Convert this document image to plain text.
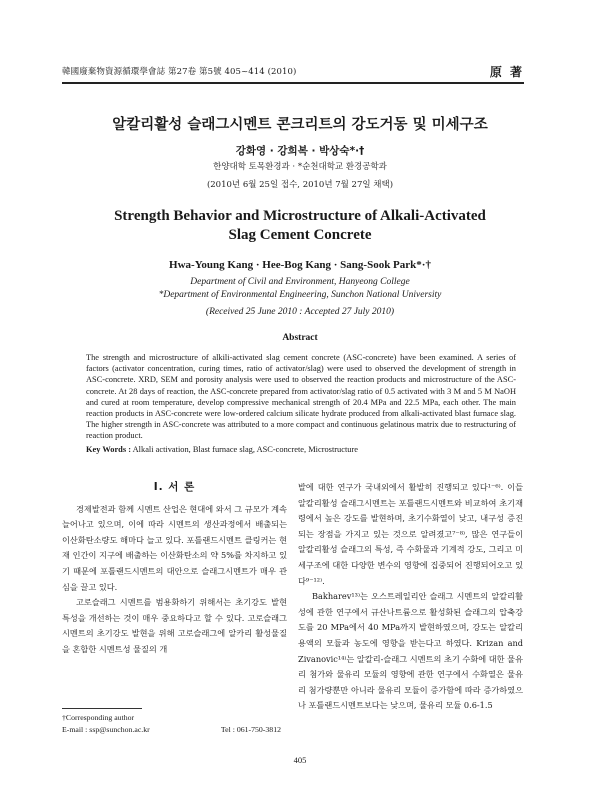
韓國廢棄物資源循環學會誌 第27卷 第5號 405~414 (2010)	原 著
알칼리활성 슬래그시멘트 콘크리트의 강도거동 및 미세구조
강화영 · 강희복 · 박상숙*·†
한양대학 토목환경과 · *순천대학교 환경공학과
(2010년 6월 25일 접수, 2010년 7월 27일 채택)
Strength Behavior and Microstructure of Alkali-Activated
Slag Cement Concrete
Hwa-Young Kang · Hee-Bog Kang · Sang-Sook Park*·†
Department of Civil and Environment, Hanyeong College
*Department of Environmental Engineering, Sunchon National University
(Received 25 June 2010 : Accepted 27 July 2010)
Abstract
The strength and microstructure of alkili-activated slag cement concrete (ASC-concrete) have been examined. A series of factors (activator concentration, curing times, ratio of activator/slag) were used to observed the development of strength in ASC-concrete. XRD, SEM and porosity analysis were used to observed the reaction products and microstructure of the ASC-concrete. At 28 days of reaction, the ASC-concrete prepared from activator/slag ratio of 0.5 activated with 3 M and 5 M NaOH and cured at room temperature, develop compressive mechanical strength of 20.4 MPa and 22.5 MPa, each other. The main reaction products in ASC-concrete were low-ordered calcium silicate hydrate produced from alkali-activated blast furnace slag. The higher strength in ASC-concrete was attributed to a more compact and continuous gelatinous matrix due to restructuring of reaction product.
Key Words : Alkali activation, Blast furnace slag, ASC-concrete, Microstructure
I. 서 론

경제발전과 함께 시멘트 산업은 현대에 와서 그 규모가 계속 늘어나고 있으며, 이에 따라 시멘트의 생산과정에서 배출되는 이산화탄소량도 해마다 늘고 있다. 포틀랜드시멘트 클링커는 현재 인간이 지구에 배출하는 이산화탄소의 약 5%를 차지하고 있기 때문에 포틀랜드시멘트의 대안으로 슬래그시멘트가 매우 관심을 끌고 있다.

고로슬래그 시멘트를 범용화하기 위해서는 초기강도 발현 특성을 개선하는 것이 매우 중요하다고 할 수 있다. 고로슬래그 시멘트의 초기강도 발현을 위해 고로슬래그에 알카리 활성물질을 혼합한 시멘트성 물질의 개

발에 대한 연구가 국내외에서 활발히 진행되고 있다¹⁻⁶⁾. 이들 알칼리활성 슬래그시멘트는 포틀랜드시멘트와 비교하여 초기재령에서 높은 강도를 발현하며, 초기수화열이 낮고, 내구성 증진되는 장점을 가지고 있는 것으로 알려졌고⁷⁻⁸⁾, 많은 연구들이 알칼리활성 슬래그의 특성, 즉 수화물과 기계적 강도, 그리고 미세구조에 대한 다양한 변수의 영향에 집중되어 진행되어오고 있다⁹⁻¹²⁾.

Bakharev¹³⁾는 오스트레일리안 슬래그 시멘트의 알칼리활성에 관한 연구에서 규산나트륨으로 활성화된 슬래그의 압축강도를 20 MPa에서 40 MPa까지 발현하였으며, 강도는 알칼리 용액의 모듈과 농도에 영향을 받는다고 하였다. Krizan and Zivanovic¹⁴⁾는 알칼리-슬래그 시멘트의 초기 수화에 대한 물유리 첨가와 물유리 모듈의 영향에 관한 연구에서 수화열은 물유리 첨가량뿐만 아니라 물유리 모듈이 증가함에 따라 증가하였으나 포틀랜드시멘트보다는 낮으며, 물유리 모듈 0.6-1.5

†Corresponding author
E-mail : ssp@sunchon.ac.kr	Tel : 061-750-3812
405
